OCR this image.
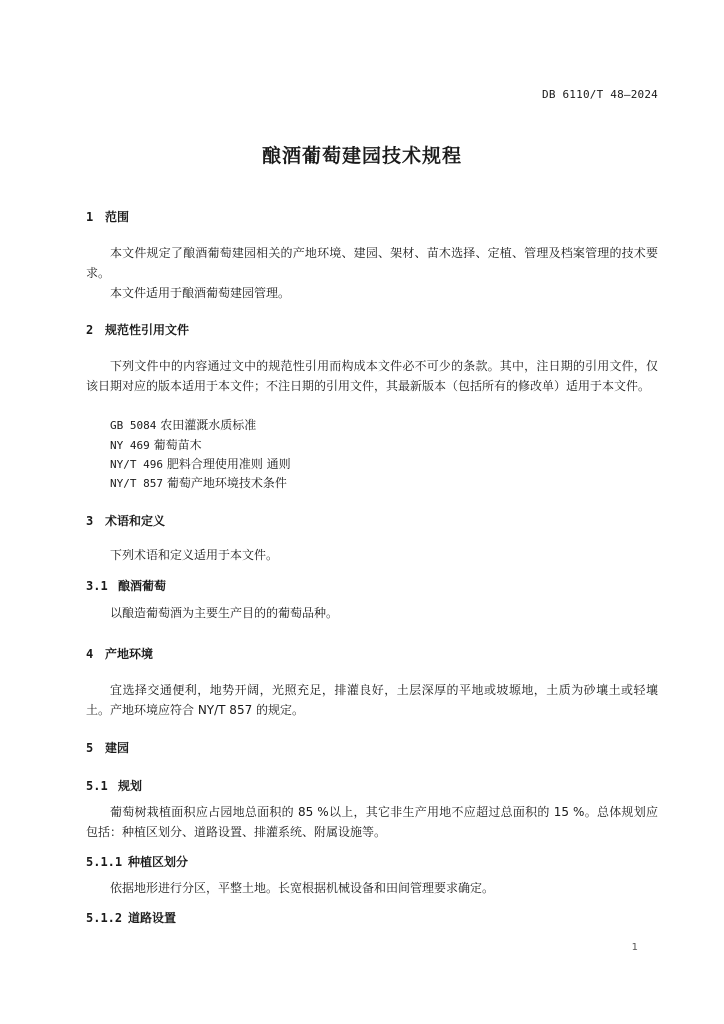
DB 6110/T 48—2024
酿酒葡萄建园技术规程
1 范围
本文件规定了酿酒葡萄建园相关的产地环境、建园、架材、苗木选择、定植、管理及档案管理的技术要求。
本文件适用于酿酒葡萄建园管理。
2 规范性引用文件
下列文件中的内容通过文中的规范性引用而构成本文件必不可少的条款。其中，注日期的引用文件，仅该日期对应的版本适用于本文件；不注日期的引用文件，其最新版本（包括所有的修改单）适用于本文件。
GB 5084 农田灌溉水质标准
NY 469 葡萄苗木
NY/T 496 肥料合理使用准则 通则
NY/T 857 葡萄产地环境技术条件
3 术语和定义
下列术语和定义适用于本文件。
3.1 酿酒葡萄
以酿造葡萄酒为主要生产目的的葡萄品种。
4 产地环境
宜选择交通便利，地势开阔，光照充足，排灌良好，土层深厚的平地或坡塬地，土质为砂壤土或轻壤土。产地环境应符合 NY/T 857 的规定。
5 建园
5.1 规划
葡萄树栽植面积应占园地总面积的 85 %以上，其它非生产用地不应超过总面积的 15 %。总体规划应包括：种植区划分、道路设置、排灌系统、附属设施等。
5.1.1 种植区划分
依据地形进行分区，平整土地。长宽根据机械设备和田间管理要求确定。
5.1.2 道路设置
1
